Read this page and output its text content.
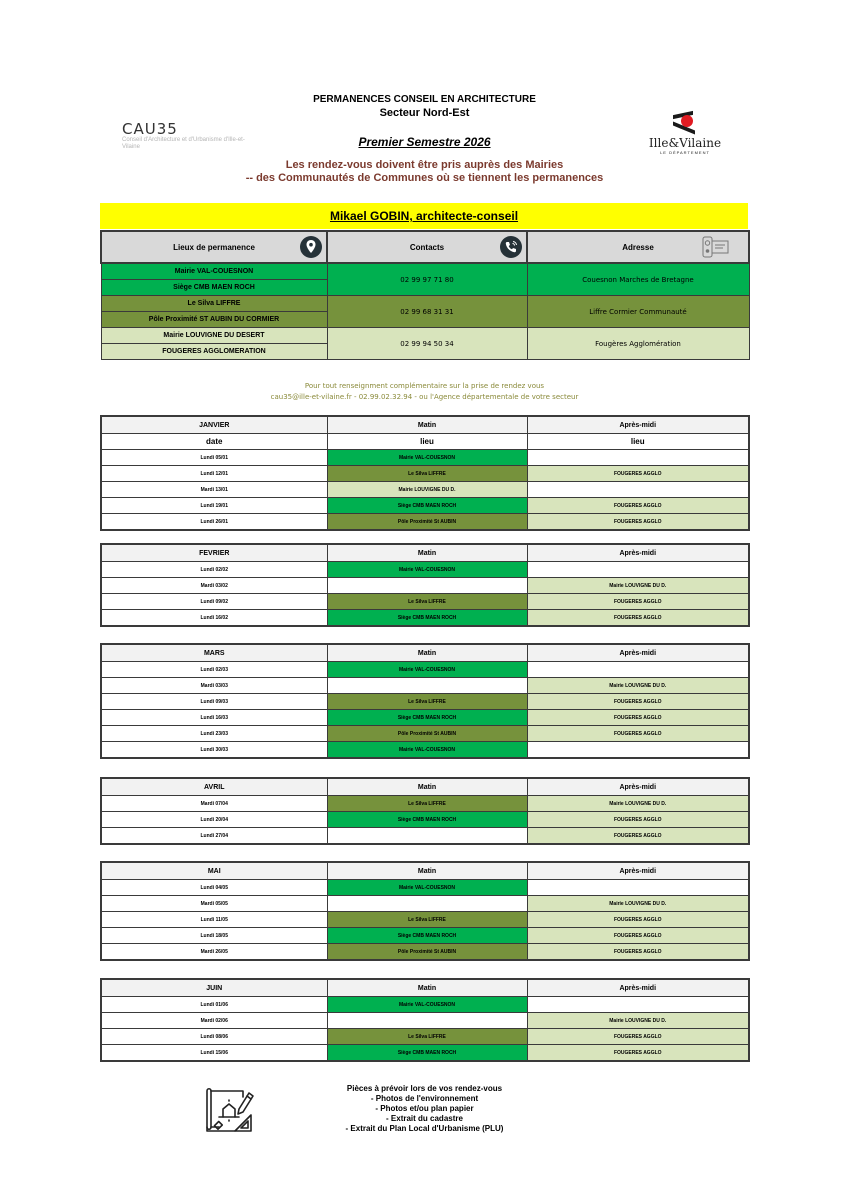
CAU35
Conseil d'Architecture et d'Urbanisme d'Ille-et-Vilaine
PERMANENCES CONSEIL EN ARCHITECTURE
Secteur Nord-Est
Ille&Vilaine
LE DÉPARTEMENT
Premier Semestre 2026
Les rendez-vous doivent être pris auprès des Mairies
‐‐ des Communautés de Communes où se tiennent les permanences
Mikael GOBIN, architecte-conseil
Lieux de permanence	Contacts	Adresse

Mairie VAL-COUESNON	02 99 97 71 80	Couesnon Marches de Bretagne
Siège CMB MAEN ROCH		
Le Silva LIFFRE	02 99 68 31 31	Liffre Cormier Communauté
Pôle Proximité ST AUBIN DU CORMIER		
Mairie LOUVIGNE DU DESERT	02 99 94 50 34	Fougères Agglomération
FOUGERES AGGLOMERATION		
Pour tout renseignment complémentaire sur la prise de rendez vous
cau35@ille-et-vilaine.fr - 02.99.02.32.94 - ou l'Agence départementale de votre secteur
JANVIER	Matin	Après-midi
date	lieu	lieu
Lundi 05/01	Mairie VAL-COUESNON	
Lundi 12/01	Le Silva LIFFRE	FOUGERES AGGLO
Mardi 13/01	Mairie LOUVIGNE DU D.	
Lundi 19/01	Siège CMB MAEN ROCH	FOUGERES AGGLO
Lundi 26/01	Pôle Proximité St AUBIN	FOUGERES AGGLO
FEVRIER	Matin	Après-midi
Lundi 02/02	Mairie VAL-COUESNON	
Mardi 03/02		Mairie LOUVIGNE DU D.
Lundi 09/02	Le Silva LIFFRE	FOUGERES AGGLO
Lundi 16/02	Siège CMB MAEN ROCH	FOUGERES AGGLO
MARS	Matin	Après-midi
Lundi 02/03	Mairie VAL-COUESNON	
Mardi 03/03		Mairie LOUVIGNE DU D.
Lundi 09/03	Le Silva LIFFRE	FOUGERES AGGLO
Lundi 16/03	Siège CMB MAEN ROCH	FOUGERES AGGLO
Lundi 23/03	Pôle Proximité St AUBIN	FOUGERES AGGLO
Lundi 30/03	Mairie VAL-COUESNON	
AVRIL	Matin	Après-midi
Mardi 07/04	Le Silva LIFFRE	Mairie LOUVIGNE DU D.
Lundi 20/04	Siège CMB MAEN ROCH	FOUGERES AGGLO
Lundi 27/04		FOUGERES AGGLO
MAI	Matin	Après-midi
Lundi 04/05	Mairie VAL-COUESNON	
Mardi 05/05		Mairie LOUVIGNE DU D.
Lundi 11/05	Le Silva LIFFRE	FOUGERES AGGLO
Lundi 18/05	Siège CMB MAEN ROCH	FOUGERES AGGLO
Mardi 26/05	Pôle Proximité St AUBIN	FOUGERES AGGLO
JUIN	Matin	Après-midi
Lundi 01/06	Mairie VAL-COUESNON	
Mardi 02/06		Mairie LOUVIGNE DU D.
Lundi 08/06	Le Silva LIFFRE	FOUGERES AGGLO
Lundi 15/06	Siège CMB MAEN ROCH	FOUGERES AGGLO
Pièces à prévoir lors de vos rendez-vous
- Photos de l'environnement
- Photos et/ou plan papier
- Extrait du cadastre
- Extrait du Plan Local d'Urbanisme (PLU)
